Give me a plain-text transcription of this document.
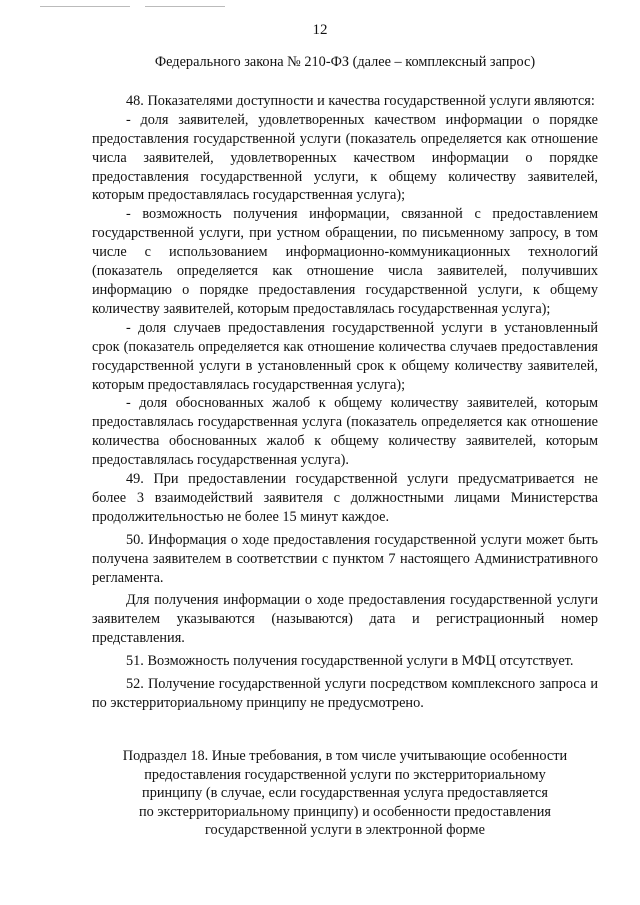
12

Федерального закона № 210-ФЗ (далее – комплексный запрос)

48. Показателями доступности и качества государственной услуги являются:

- доля заявителей, удовлетворенных качеством информации о порядке предоставления государственной услуги (показатель определяется как отношение числа заявителей, удовлетворенных качеством информации о порядке предоставления государственной услуги, к общему количеству заявителей, которым предоставлялась государственная услуга);

- возможность получения информации, связанной с предоставлением государственной услуги, при устном обращении, по письменному запросу, в том числе с использованием информационно-коммуникационных технологий (показатель определяется как отношение числа заявителей, получивших информацию о порядке предоставления государственной услуги, к общему количеству заявителей, которым предоставлялась государственная услуга);

- доля случаев предоставления государственной услуги в установленный срок (показатель определяется как отношение количества случаев предоставления государственной услуги в установленный срок к общему количеству заявителей, которым предоставлялась государственная услуга);

- доля обоснованных жалоб к общему количеству заявителей, которым предоставлялась государственная услуга (показатель определяется как отношение количества обоснованных жалоб к общему количеству заявителей, которым предоставлялась государственная услуга).

49. При предоставлении государственной услуги предусматривается не более 3 взаимодействий заявителя с должностными лицами Министерства продолжительностью не более 15 минут каждое.

50. Информация о ходе предоставления государственной услуги может быть получена заявителем в соответствии с пунктом 7 настоящего Административного регламента.

Для получения информации о ходе предоставления государственной услуги заявителем указываются (называются) дата и регистрационный номер представления.

51. Возможность получения государственной услуги в МФЦ отсутствует.

52. Получение государственной услуги посредством комплексного запроса и по экстерриториальному принципу не предусмотрено.

Подраздел 18. Иные требования, в том числе учитывающие особенности
предоставления государственной услуги по экстерриториальному
принципу (в случае, если государственная услуга предоставляется
по экстерриториальному принципу) и особенности предоставления
государственной услуги в электронной форме
